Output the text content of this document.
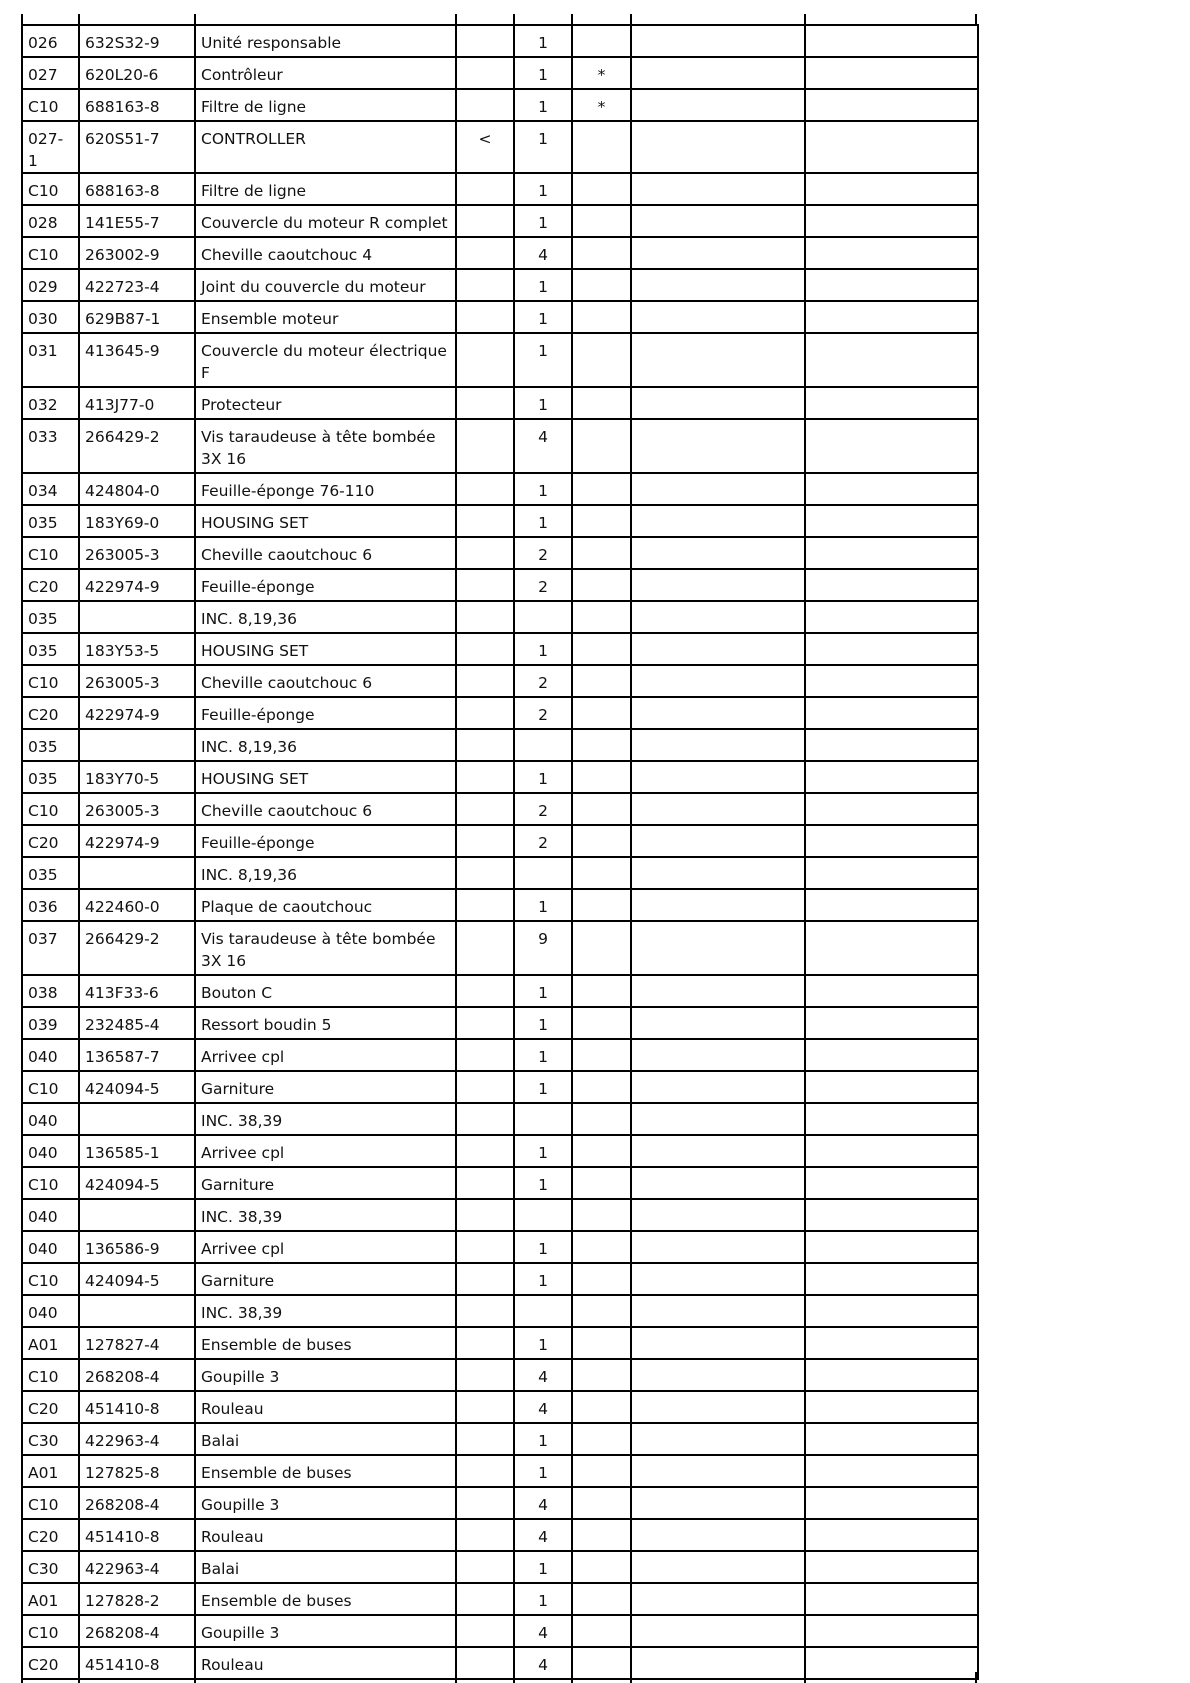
026	632S32-9	Unité responsable		1			
027	620L20-6	Contrôleur		1	*		
C10	688163-8	Filtre de ligne		1	*		
027-1	620S51-7	CONTROLLER	<	1			
C10	688163-8	Filtre de ligne		1			
028	141E55-7	Couvercle du moteur R complet		1			
C10	263002-9	Cheville caoutchouc 4		4			
029	422723-4	Joint du couvercle du moteur		1			
030	629B87-1	Ensemble moteur		1			
031	413645-9	Couvercle du moteur électrique F		1			
032	413J77-0	Protecteur		1			
033	266429-2	Vis taraudeuse à tête bombée 3X 16		4			
034	424804-0	Feuille-éponge 76-110		1			
035	183Y69-0	HOUSING SET		1			
C10	263005-3	Cheville caoutchouc 6		2			
C20	422974-9	Feuille-éponge		2			
035		INC. 8,19,36					
035	183Y53-5	HOUSING SET		1			
C10	263005-3	Cheville caoutchouc 6		2			
C20	422974-9	Feuille-éponge		2			
035		INC. 8,19,36					
035	183Y70-5	HOUSING SET		1			
C10	263005-3	Cheville caoutchouc 6		2			
C20	422974-9	Feuille-éponge		2			
035		INC. 8,19,36					
036	422460-0	Plaque de caoutchouc		1			
037	266429-2	Vis taraudeuse à tête bombée 3X 16		9			
038	413F33-6	Bouton C		1			
039	232485-4	Ressort boudin 5		1			
040	136587-7	Arrivee cpl		1			
C10	424094-5	Garniture		1			
040		INC. 38,39					
040	136585-1	Arrivee cpl		1			
C10	424094-5	Garniture		1			
040		INC. 38,39					
040	136586-9	Arrivee cpl		1			
C10	424094-5	Garniture		1			
040		INC. 38,39					
A01	127827-4	Ensemble de buses		1			
C10	268208-4	Goupille 3		4			
C20	451410-8	Rouleau		4			
C30	422963-4	Balai		1			
A01	127825-8	Ensemble de buses		1			
C10	268208-4	Goupille 3		4			
C20	451410-8	Rouleau		4			
C30	422963-4	Balai		1			
A01	127828-2	Ensemble de buses		1			
C10	268208-4	Goupille 3		4			
C20	451410-8	Rouleau		4			
